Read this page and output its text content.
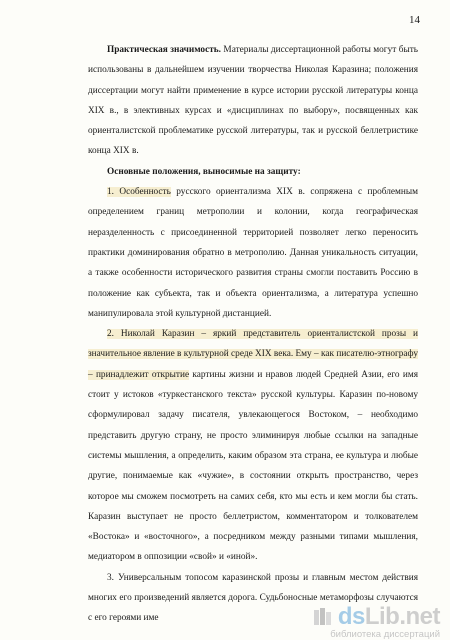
14

Практическая значимость. Материалы диссертационной работы могут быть использованы в дальнейшем изучении творчества Николая Каразина; положения диссертации могут найти применение в курсе истории русской литературы конца XIX в., в элективных курсах и «дисциплинах по выбору», посвященных как ориенталистской проблематике русской литературы, так и русской беллетристике конца XIX в.

Основные положения, выносимые на защиту:

1. Особенность русского ориентализма XIX в. сопряжена с проблемным определением границ метрополии и колонии, когда географическая неразделенность с присоединенной территорией позволяет легко переносить практики доминирования обратно в метрополию. Данная уникальность ситуации, а также особенности исторического развития страны смогли поставить Россию в положение как субъекта, так и объекта ориентализма, а литература успешно манипулировала этой культурной дистанцией.

2. Николай Каразин – яркий представитель ориенталистской прозы и значительное явление в культурной среде XIX века. Ему – как писателю-этнографу – принадлежит открытие картины жизни и нравов людей Средней Азии, его имя стоит у истоков «туркестанского текста» русской культуры. Каразин по-новому сформулировал задачу писателя, увлекающегося Востоком, – необходимо представить другую страну, не просто элиминируя любые ссылки на западные системы мышления, а определить, каким образом эта страна, ее культура и любые другие, понимаемые как «чужие», в состоянии открыть пространство, через которое мы сможем посмотреть на самих себя, кто мы есть и кем могли бы стать. Каразин выступает не просто беллетристом, комментатором и толкователем «Востока» и «восточного», а посредником между разными типами мышления, медиатором в оппозиции «свой» и «иной».

3. Универсальным топосом каразинской прозы и главным местом действия многих его произведений является дорога. Судьбоносные метаморфозы случаются с его героями име	dsLib.net
библиотека диссертаций
